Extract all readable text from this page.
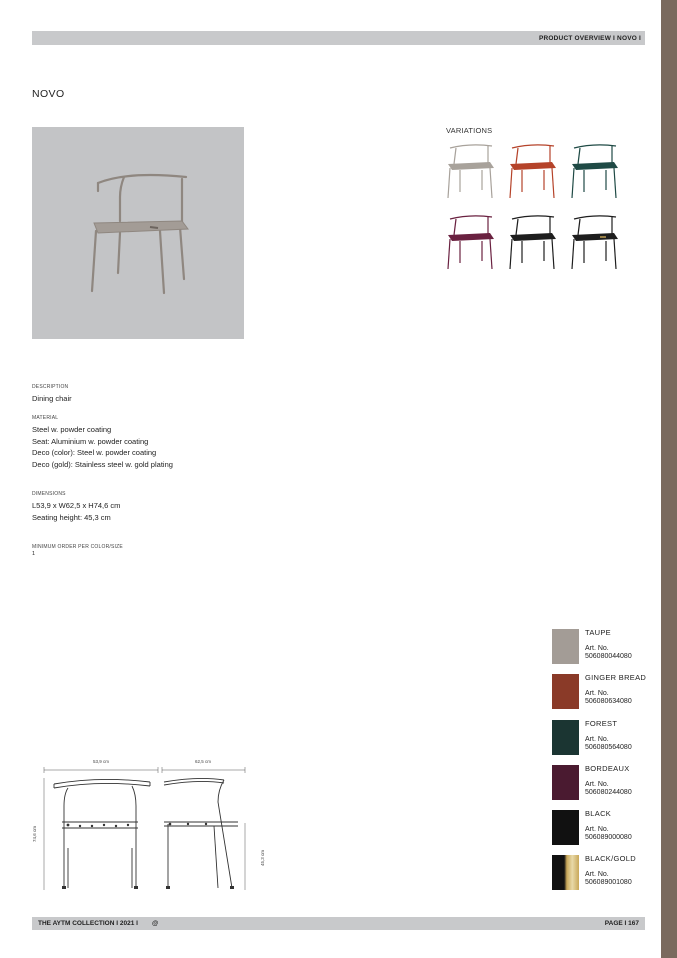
PRODUCT OVERVIEW I NOVO I
NOVO
VARIATIONS
DESCRIPTION
Dining chair
MATERIAL
Steel w. powder coating
Seat: Aluminium w. powder coating
Deco (color): Steel w. powder coating
Deco (gold): Stainless steel w. gold plating
DIMENSIONS
L53,9 x W62,5 x H74,6 cm
Seating height: 45,3 cm
MINIMUM ORDER PER COLOR/SIZE
1
53,9 cm	62,5 cm
74,6 cm
45,3 cm
TAUPE
Art. No.
506080044080
GINGER BREAD
Art. No.
506080634080
FOREST
Art. No.
506080564080
BORDEAUX
Art. No.
506080244080
BLACK
Art. No.
506089000080
BLACK/GOLD
Art. No.
506089001080
THE AYTM COLLECTION I 2021 I @	PAGE I 167
